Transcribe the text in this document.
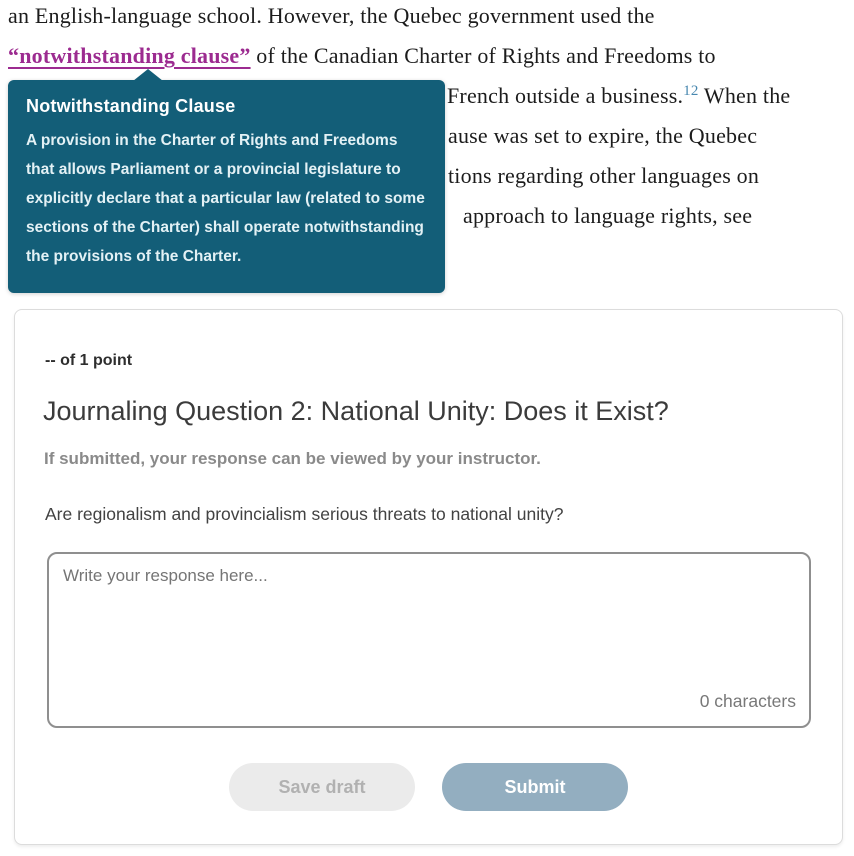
an English-language school. However, the Quebec government used the
“notwithstanding clause” of the Canadian Charter of Rights and Freedoms to
French outside a business.$^{12}$ When the
ause was set to expire, the Quebec
tions regarding other languages on
approach to language rights, see
Notwithstanding Clause
A provision in the Charter of Rights and Freedoms that allows Parliament or a provincial legislature to explicitly declare that a particular law (related to some sections of the Charter) shall operate notwithstanding the provisions of the Charter.
-- of 1 point
Journaling Question 2: National Unity: Does it Exist?
If submitted, your response can be viewed by your instructor.
Are regionalism and provincialism serious threats to national unity?
Write your response here...
0 characters
Save draft	Submit
